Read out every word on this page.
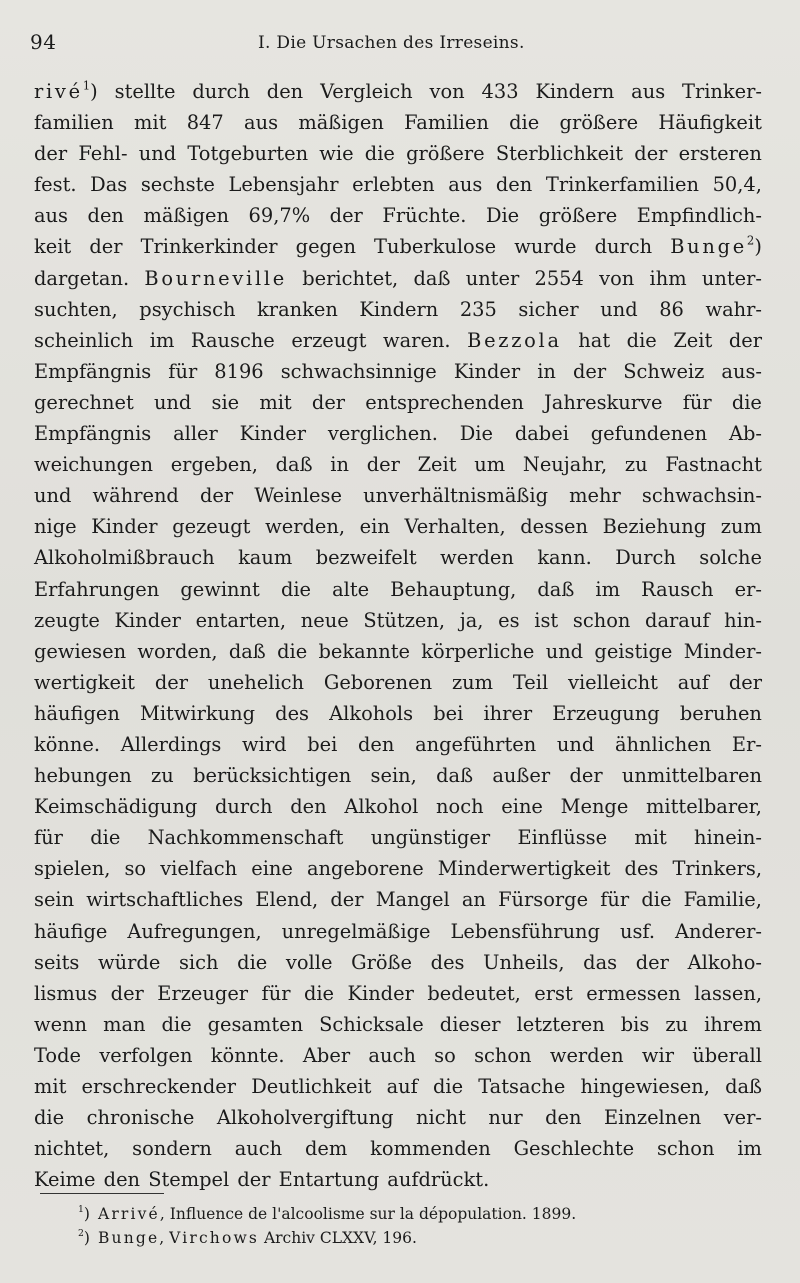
94	I. Die Ursachen des Irreseins.
rivé$^1$) stellte durch den Vergleich von 433 Kindern aus Trinker-
familien mit 847 aus mäßigen Familien die größere Häufigkeit
der Fehl- und Totgeburten wie die größere Sterblichkeit der ersteren
fest. Das sechste Lebensjahr erlebten aus den Trinkerfamilien 50,4,
aus den mäßigen 69,7% der Früchte. Die größere Empfindlich-
keit der Trinkerkinder gegen Tuberkulose wurde durch Bunge$^2$)
dargetan. Bourneville berichtet, daß unter 2554 von ihm unter-
suchten, psychisch kranken Kindern 235 sicher und 86 wahr-
scheinlich im Rausche erzeugt waren. Bezzola hat die Zeit der
Empfängnis für 8196 schwachsinnige Kinder in der Schweiz aus-
gerechnet und sie mit der entsprechenden Jahreskurve für die
Empfängnis aller Kinder verglichen. Die dabei gefundenen Ab-
weichungen ergeben, daß in der Zeit um Neujahr, zu Fastnacht
und während der Weinlese unverhältnismäßig mehr schwachsin-
nige Kinder gezeugt werden, ein Verhalten, dessen Beziehung zum
Alkoholmißbrauch kaum bezweifelt werden kann. Durch solche
Erfahrungen gewinnt die alte Behauptung, daß im Rausch er-
zeugte Kinder entarten, neue Stützen, ja, es ist schon darauf hin-
gewiesen worden, daß die bekannte körperliche und geistige Minder-
wertigkeit der unehelich Geborenen zum Teil vielleicht auf der
häufigen Mitwirkung des Alkohols bei ihrer Erzeugung beruhen
könne. Allerdings wird bei den angeführten und ähnlichen Er-
hebungen zu berücksichtigen sein, daß außer der unmittelbaren
Keimschädigung durch den Alkohol noch eine Menge mittelbarer,
für die Nachkommenschaft ungünstiger Einflüsse mit hinein-
spielen, so vielfach eine angeborene Minderwertigkeit des Trinkers,
sein wirtschaftliches Elend, der Mangel an Fürsorge für die Familie,
häufige Aufregungen, unregelmäßige Lebensführung usf. Anderer-
seits würde sich die volle Größe des Unheils, das der Alkoho-
lismus der Erzeuger für die Kinder bedeutet, erst ermessen lassen,
wenn man die gesamten Schicksale dieser letzteren bis zu ihrem
Tode verfolgen könnte. Aber auch so schon werden wir überall
mit erschreckender Deutlichkeit auf die Tatsache hingewiesen, daß
die chronische Alkoholvergiftung nicht nur den Einzelnen ver-
nichtet, sondern auch dem kommenden Geschlechte schon im
Keime den Stempel der Entartung aufdrückt.
$^1$) Arrivé, Influence de l'alcoolisme sur la dépopulation. 1899.
$^2$) Bunge, Virchows Archiv CLXXV, 196.
